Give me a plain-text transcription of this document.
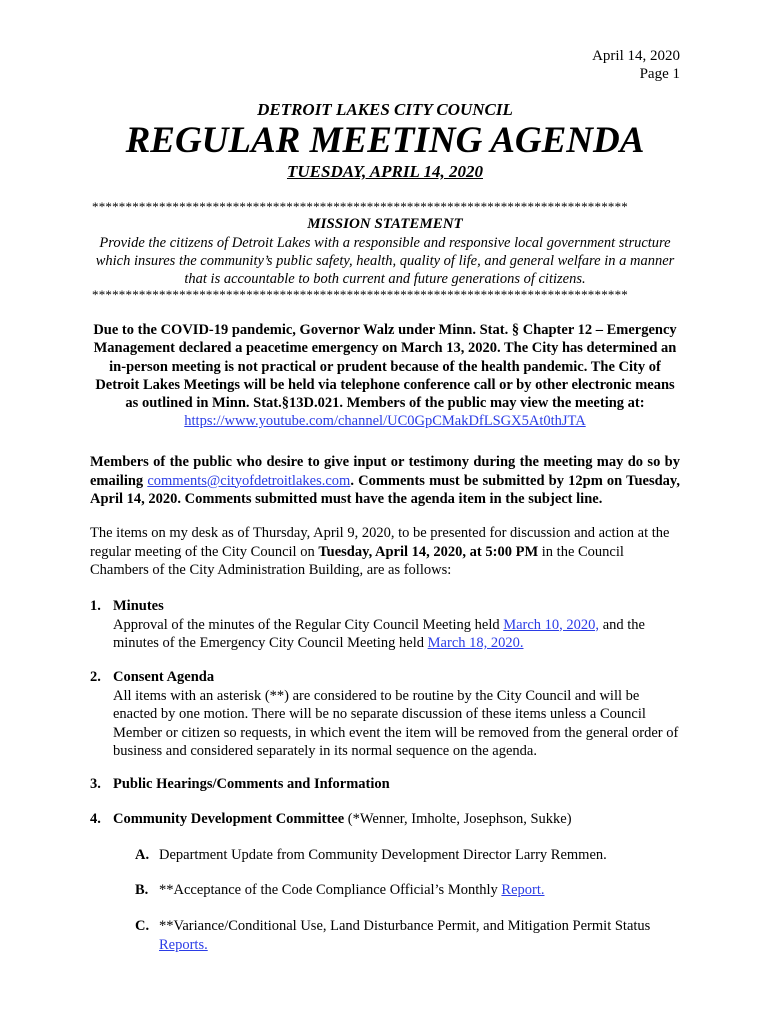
April 14, 2020
Page 1
DETROIT LAKES CITY COUNCIL
REGULAR MEETING AGENDA
TUESDAY, APRIL 14, 2020
********************************************************************************
MISSION STATEMENT
Provide the citizens of Detroit Lakes with a responsible and responsive local government structure which insures the community’s public safety, health, quality of life, and general welfare in a manner that is accountable to both current and future generations of citizens.
********************************************************************************
Due to the COVID-19 pandemic, Governor Walz under Minn. Stat. § Chapter 12 – Emergency Management declared a peacetime emergency on March 13, 2020. The City has determined an in-person meeting is not practical or prudent because of the health pandemic. The City of Detroit Lakes Meetings will be held via telephone conference call or by other electronic means as outlined in Minn. Stat.§13D.021. Members of the public may view the meeting at: https://www.youtube.com/channel/UC0GpCMakDfLSGX5At0thJTA
Members of the public who desire to give input or testimony during the meeting may do so by emailing comments@cityofdetroitlakes.com. Comments must be submitted by 12pm on Tuesday, April 14, 2020. Comments submitted must have the agenda item in the subject line.
The items on my desk as of Thursday, April 9, 2020, to be presented for discussion and action at the regular meeting of the City Council on Tuesday, April 14, 2020, at 5:00 PM in the Council Chambers of the City Administration Building, are as follows:
1. Minutes
Approval of the minutes of the Regular City Council Meeting held March 10, 2020, and the minutes of the Emergency City Council Meeting held March 18, 2020.
2. Consent Agenda
All items with an asterisk (**) are considered to be routine by the City Council and will be enacted by one motion. There will be no separate discussion of these items unless a Council Member or citizen so requests, in which event the item will be removed from the general order of business and considered separately in its normal sequence on the agenda.
3. Public Hearings/Comments and Information
4. Community Development Committee (*Wenner, Imholte, Josephson, Sukke)
A. Department Update from Community Development Director Larry Remmen.
B. **Acceptance of the Code Compliance Official’s Monthly Report.
C. **Variance/Conditional Use, Land Disturbance Permit, and Mitigation Permit Status Reports.
